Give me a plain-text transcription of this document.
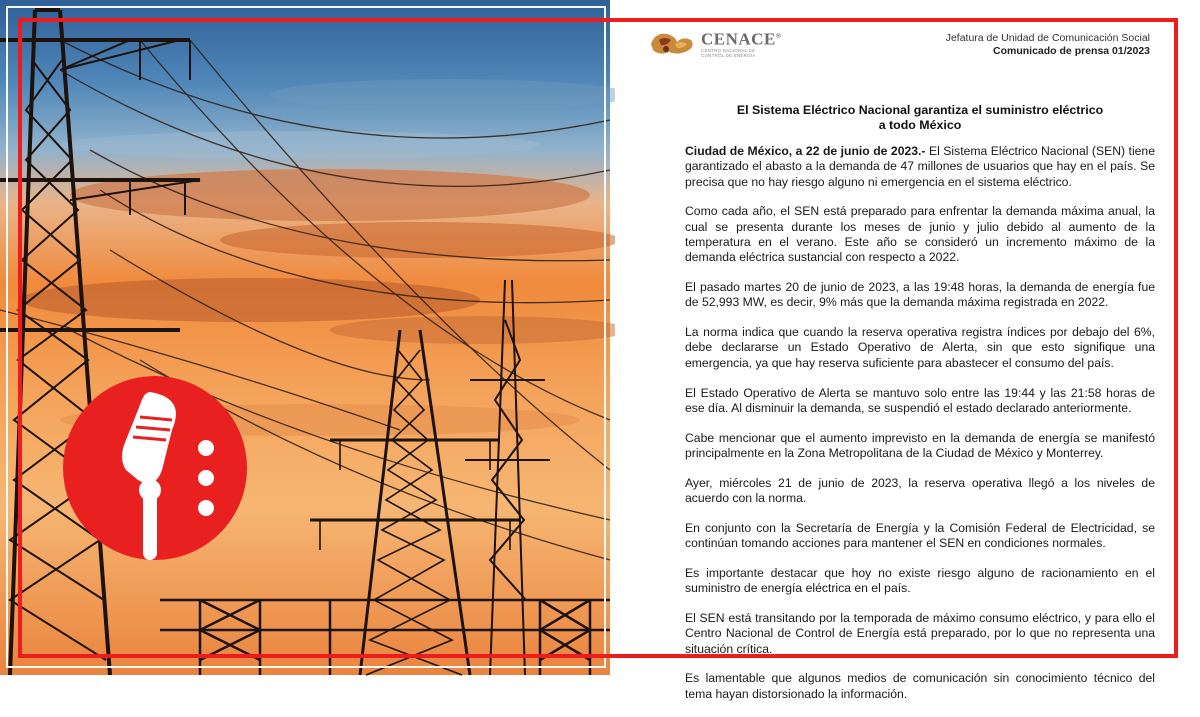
CENACE®
CENTRO NACIONAL DE
CONTROL DE ENERGÍA
Jefatura de Unidad de Comunicación Social
Comunicado de prensa 01/2023
El Sistema Eléctrico Nacional garantiza el suministro eléctrico
a todo México

Ciudad de México, a 22 de junio de 2023.- El Sistema Eléctrico Nacional (SEN) tiene garantizado el abasto a la demanda de 47 millones de usuarios que hay en el país. Se precisa que no hay riesgo alguno ni emergencia en el sistema eléctrico.

Como cada año, el SEN está preparado para enfrentar la demanda máxima anual, la cual se presenta durante los meses de junio y julio debido al aumento de la temperatura en el verano. Este año se consideró un incremento máximo de la demanda eléctrica sustancial con respecto a 2022.

El pasado martes 20 de junio de 2023, a las 19:48 horas, la demanda de energía fue de 52,993 MW, es decir, 9% más que la demanda máxima registrada en 2022.

La norma indica que cuando la reserva operativa registra índices por debajo del 6%, debe declararse un Estado Operativo de Alerta, sin que esto signifique una emergencia, ya que hay reserva suficiente para abastecer el consumo del país.

El Estado Operativo de Alerta se mantuvo solo entre las 19:44 y las 21:58 horas de ese día. Al disminuir la demanda, se suspendió el estado declarado anteriormente.

Cabe mencionar que el aumento imprevisto en la demanda de energía se manifestó principalmente en la Zona Metropolitana de la Ciudad de México y Monterrey.

Ayer, miércoles 21 de junio de 2023, la reserva operativa llegó a los niveles de acuerdo con la norma.

En conjunto con la Secretaría de Energía y la Comisión Federal de Electricidad, se continúan tomando acciones para mantener el SEN en condiciones normales.

Es importante destacar que hoy no existe riesgo alguno de racionamiento en el suministro de energía eléctrica en el país.

El SEN está transitando por la temporada de máximo consumo eléctrico, y para ello el Centro Nacional de Control de Energía está preparado, por lo que no representa una situación crítica.

Es lamentable que algunos medios de comunicación sin conocimiento técnico del tema hayan distorsionado la información.
